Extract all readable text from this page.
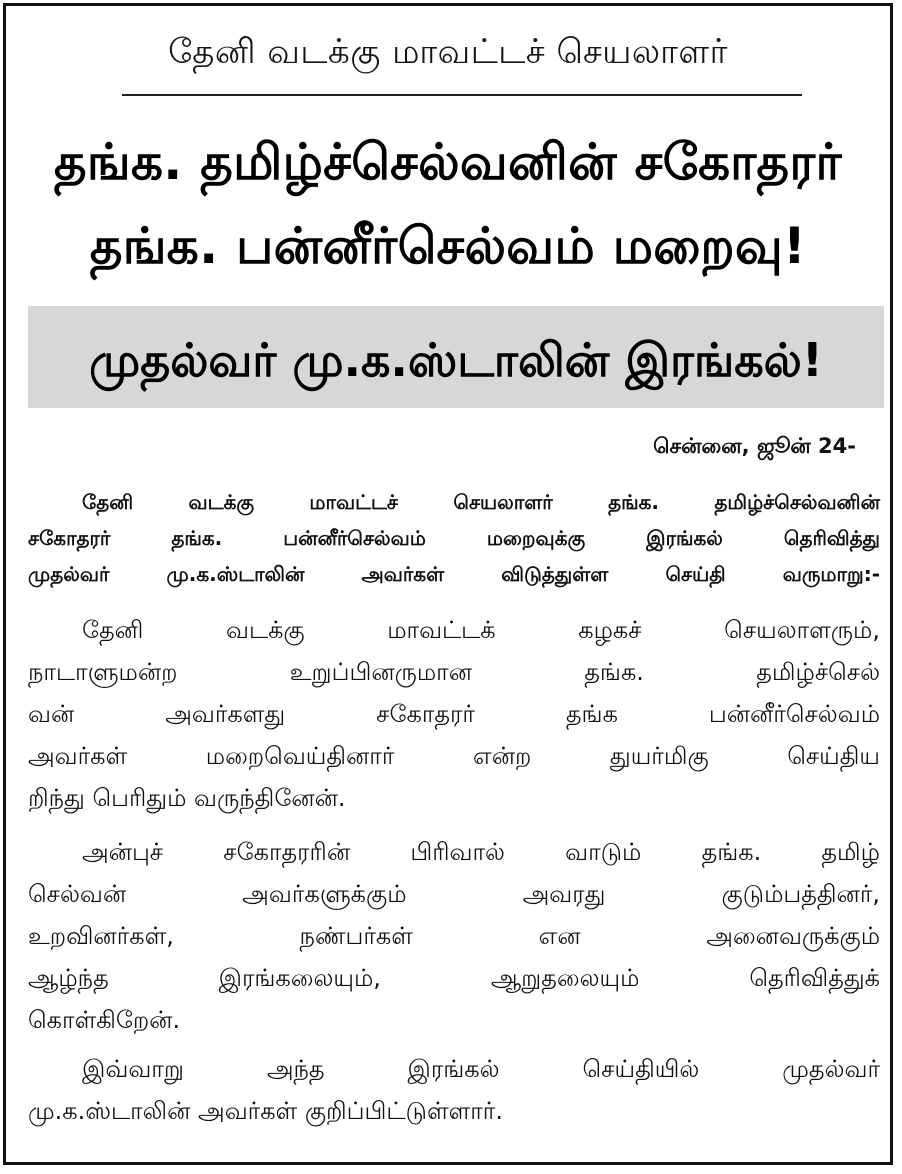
தேனி வடக்கு மாவட்டச் செயலாளர்
தங்க. தமிழ்ச்செல்வனின் சகோதரர்
தங்க. பன்னீர்செல்வம் மறைவு!
முதல்வர் மு.க.ஸ்டாலின் இரங்கல்!
சென்னை, ஜூன் 24-
தேனி வடக்கு மாவட்டச் செயலாளர் தங்க. தமிழ்ச்செல்வனின்
சகோதரர் தங்க. பன்னீர்செல்வம் மறைவுக்கு இரங்கல் தெரிவித்து
முதல்வர் மு.க.ஸ்டாலின் அவர்கள் விடுத்துள்ள செய்தி வருமாறு:-
தேனி வடக்கு மாவட்டக் கழகச் செயலாளரும்,
நாடாளுமன்ற உறுப்பினருமான தங்க. தமிழ்ச்செல்
வன் அவர்களது சகோதரர் தங்க பன்னீர்செல்வம்
அவர்கள் மறைவெய்தினார் என்ற துயர்மிகு செய்திய
றிந்து பெரிதும் வருந்தினேன்.
அன்புச் சகோதரரின் பிரிவால் வாடும் தங்க. தமிழ்
செல்வன் அவர்களுக்கும் அவரது குடும்பத்தினர்,
உறவினர்கள், நண்பர்கள் என அனைவருக்கும்
ஆழ்ந்த இரங்கலையும், ஆறுதலையும் தெரிவித்துக்
கொள்கிறேன்.
இவ்வாறு அந்த இரங்கல் செய்தியில் முதல்வர்
மு.க.ஸ்டாலின் அவர்கள் குறிப்பிட்டுள்ளார்.
